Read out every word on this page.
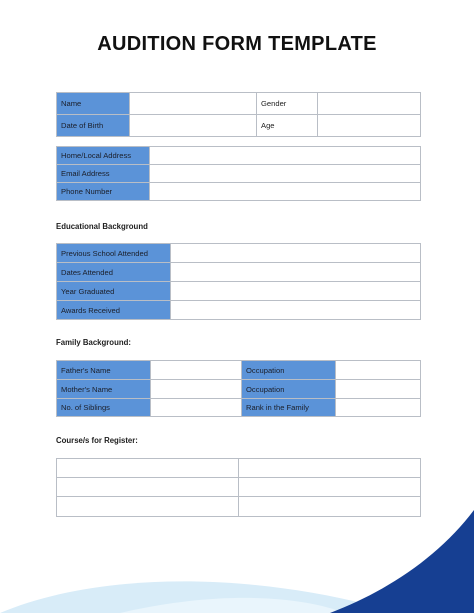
AUDITION FORM TEMPLATE
Name		Gender	
Date of Birth		Age	
Home/Local Address	
Email Address	
Phone Number	
Educational Background
Previous School Attended	
Dates Attended	
Year Graduated	
Awards Received	
Family Background:
Father's Name		Occupation	
Mother's Name		Occupation	
No. of Siblings		Rank in the Family	
Course/s for Register:
